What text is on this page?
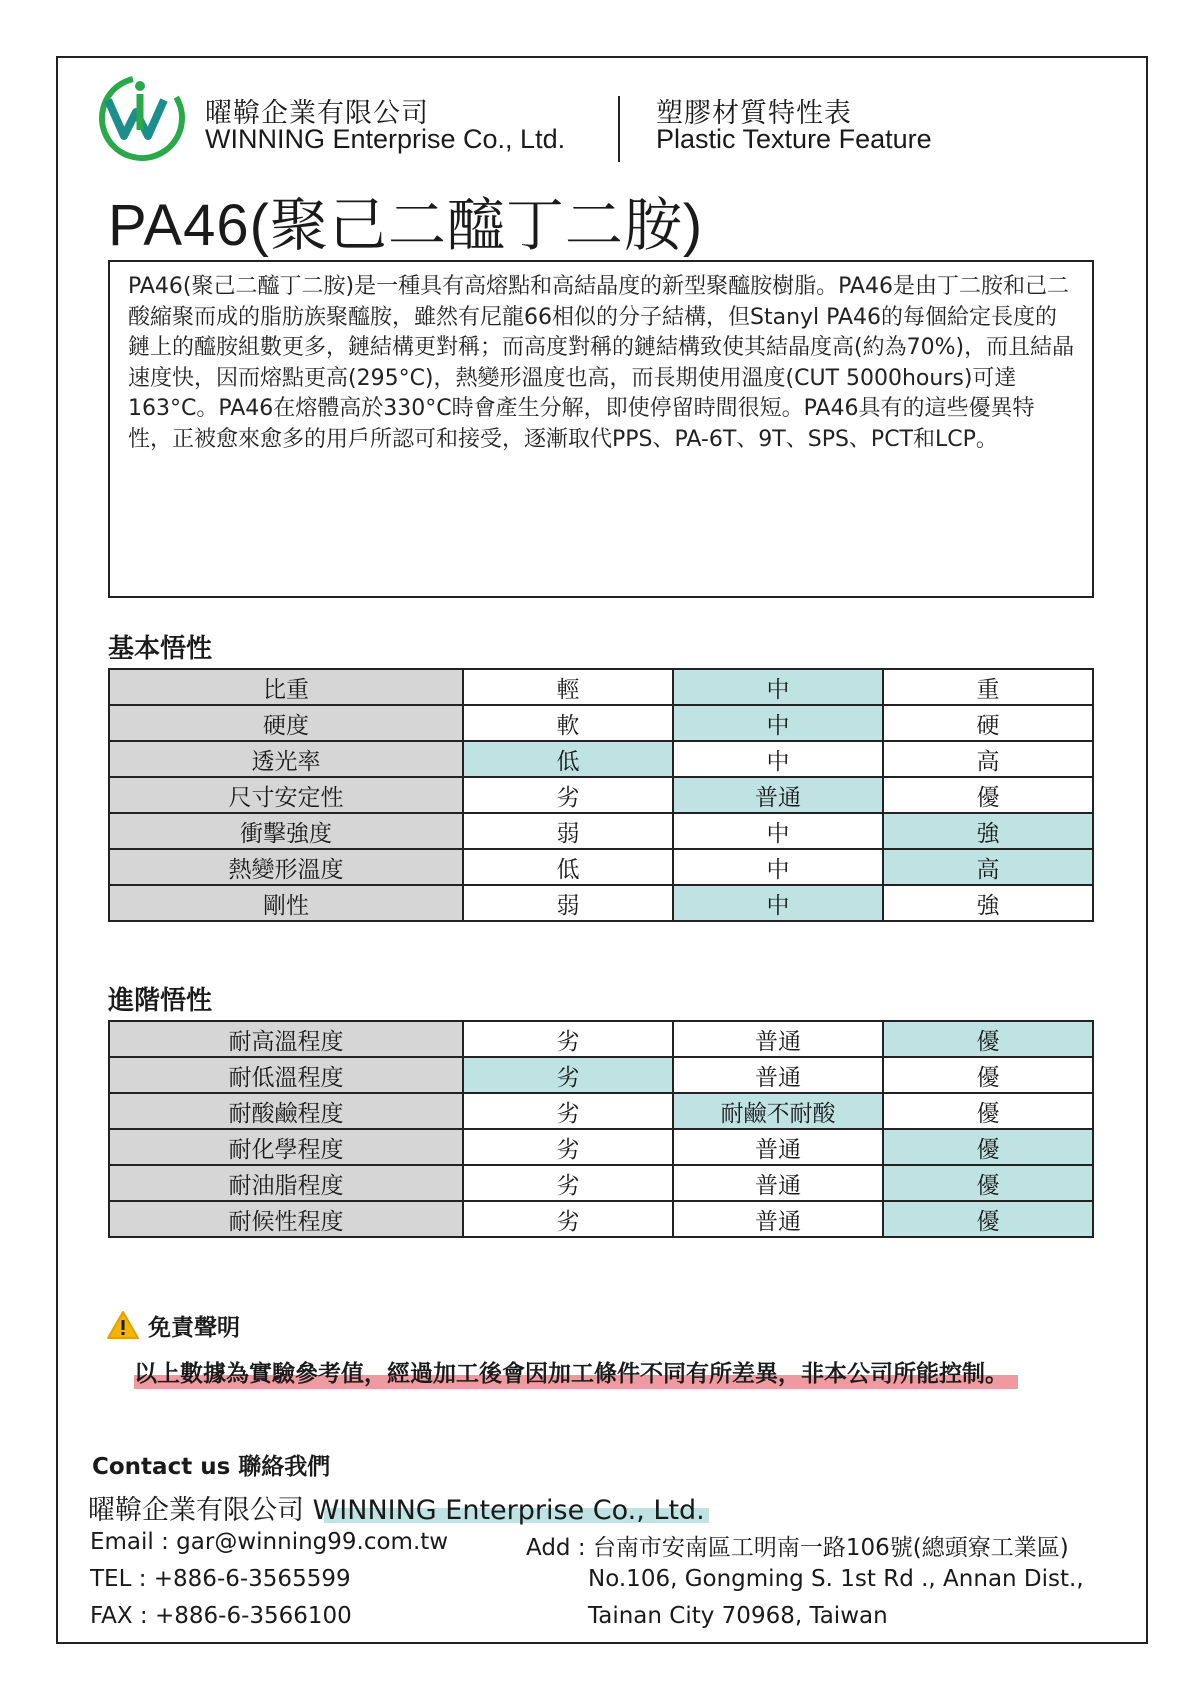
vlv
曜鞥企業有限公司
WINNING Enterprise Co., Ltd.
塑膠材質特性表
Plastic Texture Feature
PA46(聚己二醯丁二胺)
PA46(聚己二醯丁二胺)是一種具有高熔點和高結晶度的新型聚醯胺樹脂。PA46是由丁二胺和己二酸縮聚而成的脂肪族聚醯胺，雖然有尼龍66相似的分子結構，但Stanyl PA46的每個給定長度的鏈上的醯胺組數更多，鏈結構更對稱；而高度對稱的鏈結構致使其結晶度高(約為70%)，而且結晶速度快，因而熔點更高(295°C)，熱變形溫度也高，而長期使用溫度(CUT 5000hours)可達163°C。PA46在熔體高於330°C時會產生分解，即使停留時間很短。PA46具有的這些優異特性，正被愈來愈多的用戶所認可和接受，逐漸取代PPS、PA-6T、9T、SPS、PCT和LCP。
基本悟性
比重	輕	中	重
硬度	軟	中	硬
透光率	低	中	高
尺寸安定性	劣	普通	優
衝擊強度	弱	中	強
熱變形溫度	低	中	高
剛性	弱	中	強
進階悟性
耐高溫程度	劣	普通	優
耐低溫程度	劣	普通	優
耐酸鹼程度	劣	耐鹼不耐酸	優
耐化學程度	劣	普通	優
耐油脂程度	劣	普通	優
耐候性程度	劣	普通	優
免責聲明
以上數據為實驗參考值，經過加工後會因加工條件不同有所差異，非本公司所能控制。
Contact us 聯絡我們
曜鞥企業有限公司 WINNING Enterprise Co., Ltd.
Email : gar@winning99.com.tw
TEL : +886-6-3565599
FAX : +886-6-3566100
Add : 台南市安南區工明南一路106號(總頭寮工業區)
No.106, Gongming S. 1st Rd ., Annan Dist.,
Tainan City 70968, Taiwan
